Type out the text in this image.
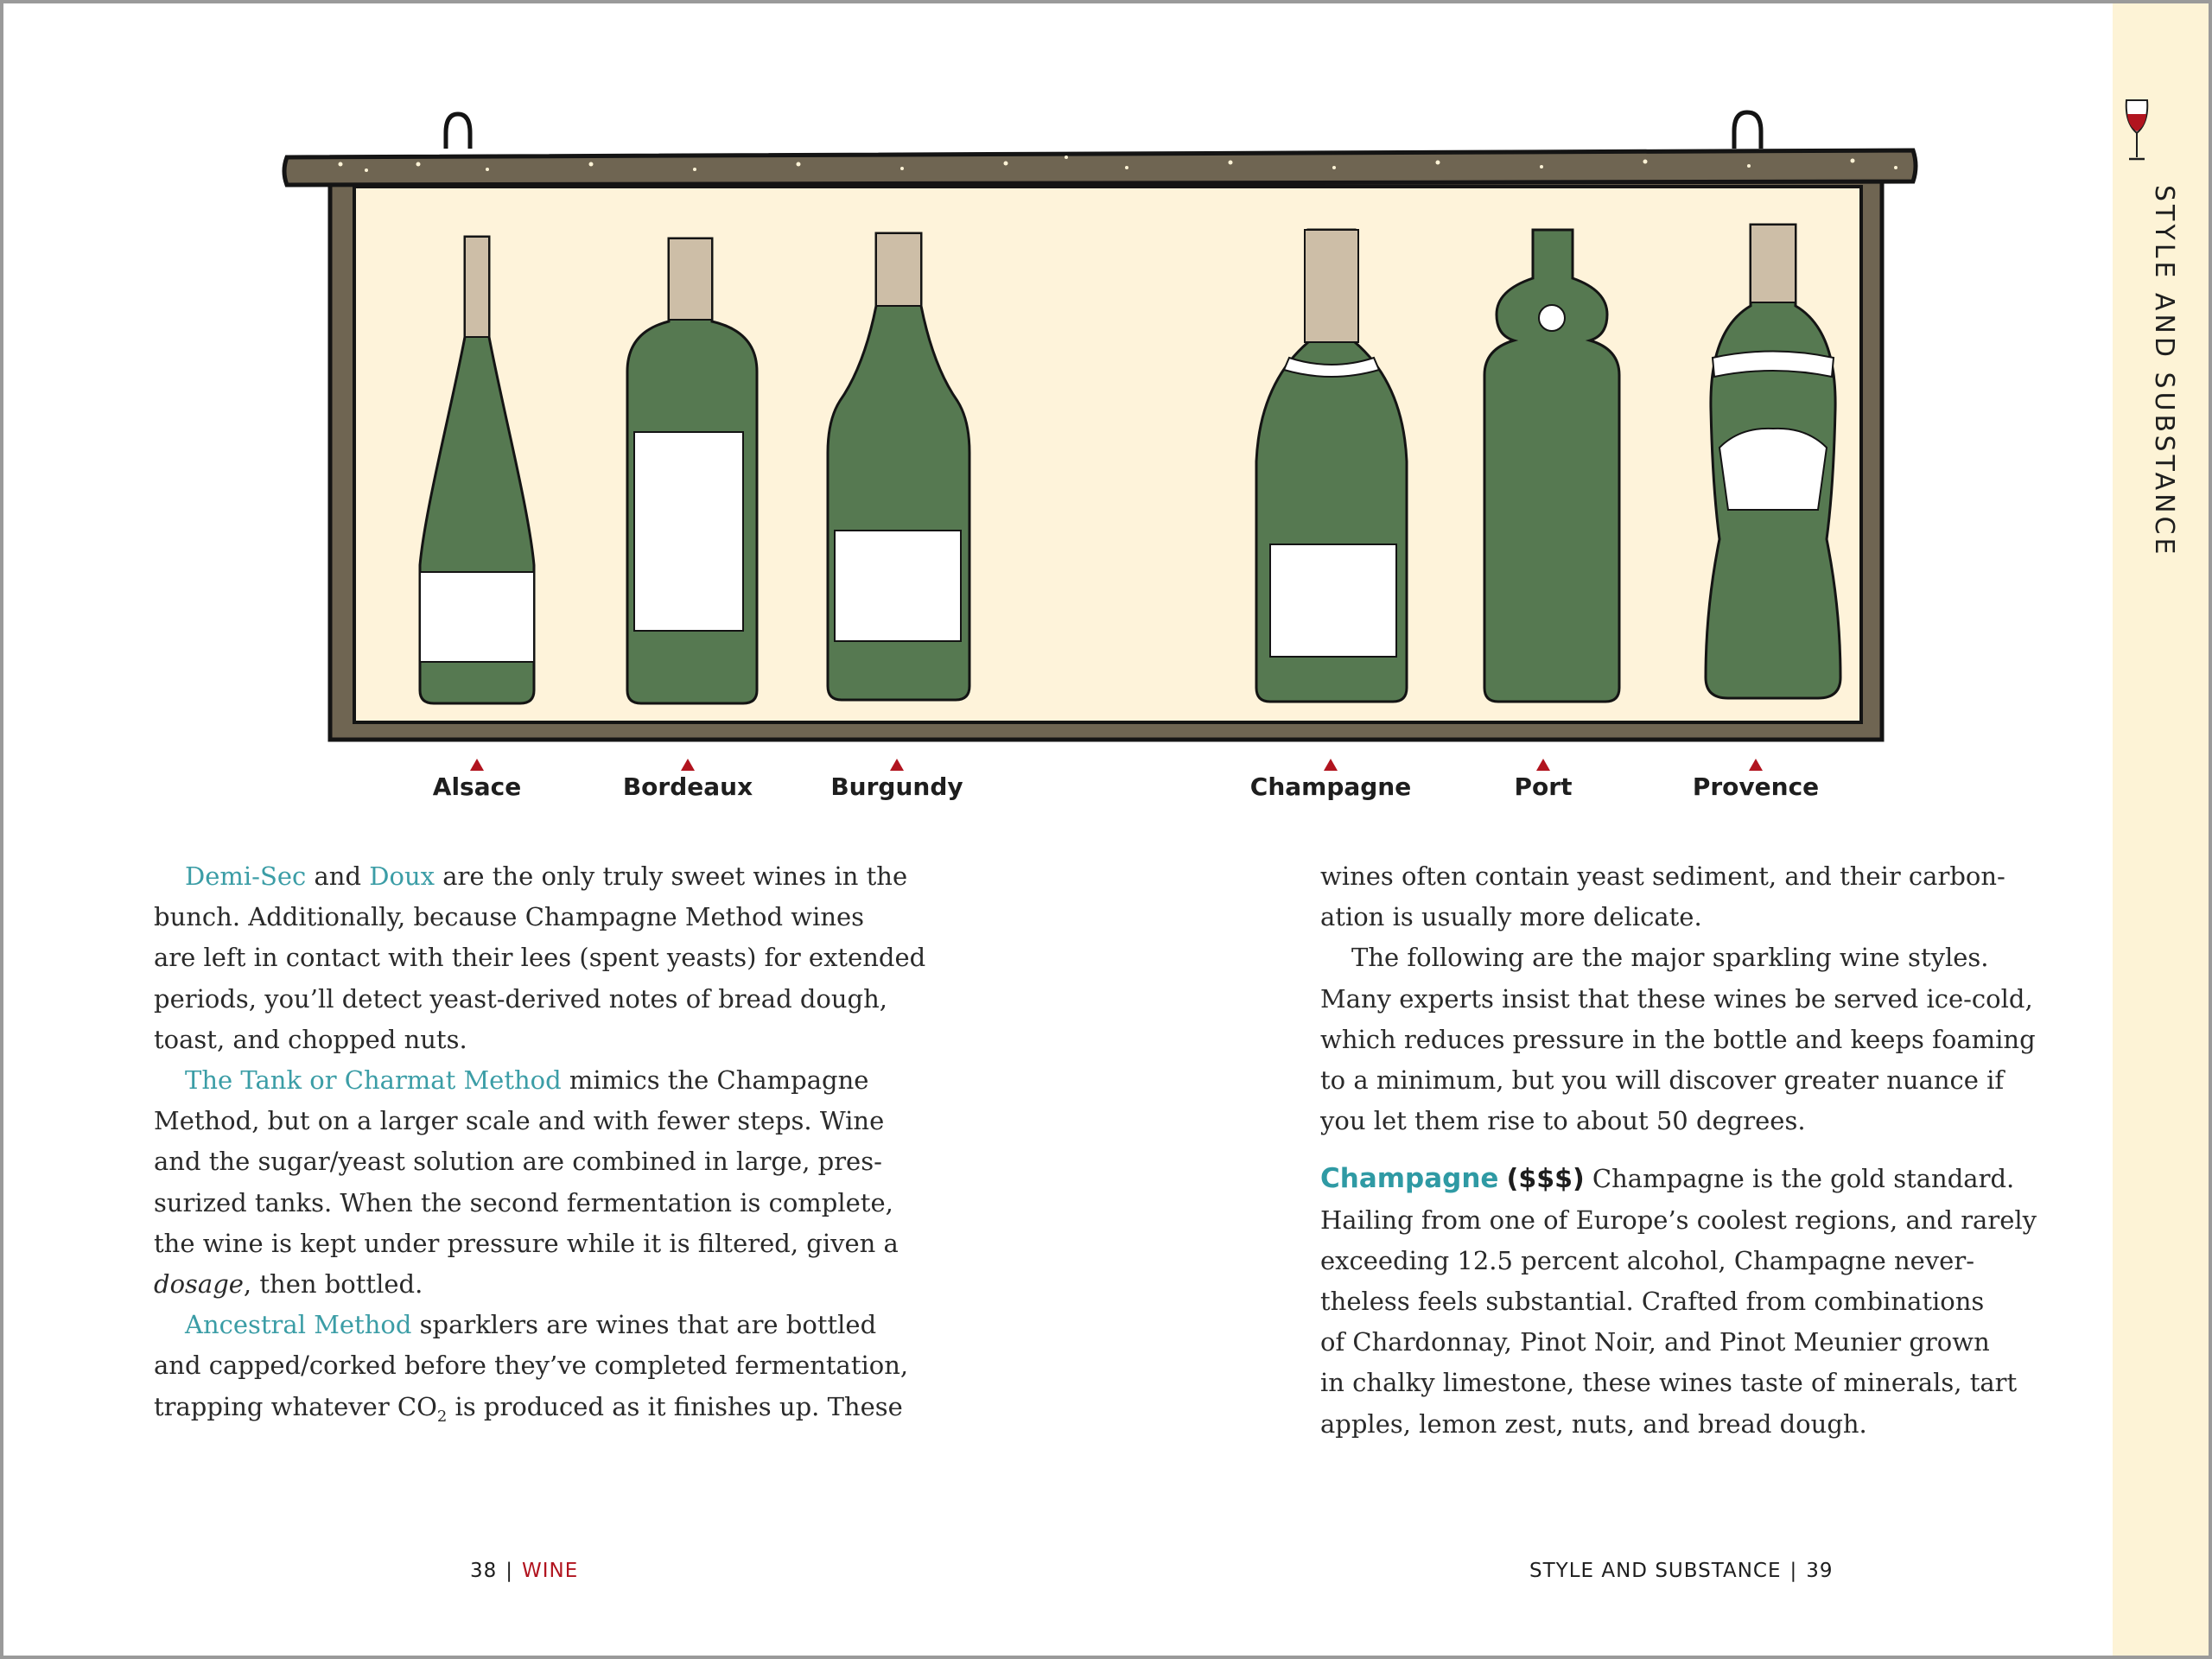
Alsace	Bordeaux	Burgundy	Champagne	Port	Provence
Demi-Sec and Doux are the only truly sweet wines in the
bunch. Additionally, because Champagne Method wines
are left in contact with their lees (spent yeasts) for extended
periods, you’ll detect yeast-derived notes of bread dough,
toast, and chopped nuts.
The Tank or Charmat Method mimics the Champagne
Method, but on a larger scale and with fewer steps. Wine
and the sugar/yeast solution are combined in large, pres-
surized tanks. When the second fermentation is complete,
the wine is kept under pressure while it is filtered, given a
dosage, then bottled.
Ancestral Method sparklers are wines that are bottled
and capped/corked before they’ve completed fermentation,
trapping whatever $CO_2$ is produced as it finishes up. These
wines often contain yeast sediment, and their carbon-
ation is usually more delicate.
The following are the major sparkling wine styles.
Many experts insist that these wines be served ice-cold,
which reduces pressure in the bottle and keeps foaming
to a minimum, but you will discover greater nuance if
you let them rise to about 50 degrees.
Champagne ($$$) Champagne is the gold standard.
Hailing from one of Europe’s coolest regions, and rarely
exceeding 12.5 percent alcohol, Champagne never-
theless feels substantial. Crafted from combinations
of Chardonnay, Pinot Noir, and Pinot Meunier grown
in chalky limestone, these wines taste of minerals, tart
apples, lemon zest, nuts, and bread dough.
38 | WINE	STYLE AND SUBSTANCE | 39
STYLE AND SUBSTANCE
